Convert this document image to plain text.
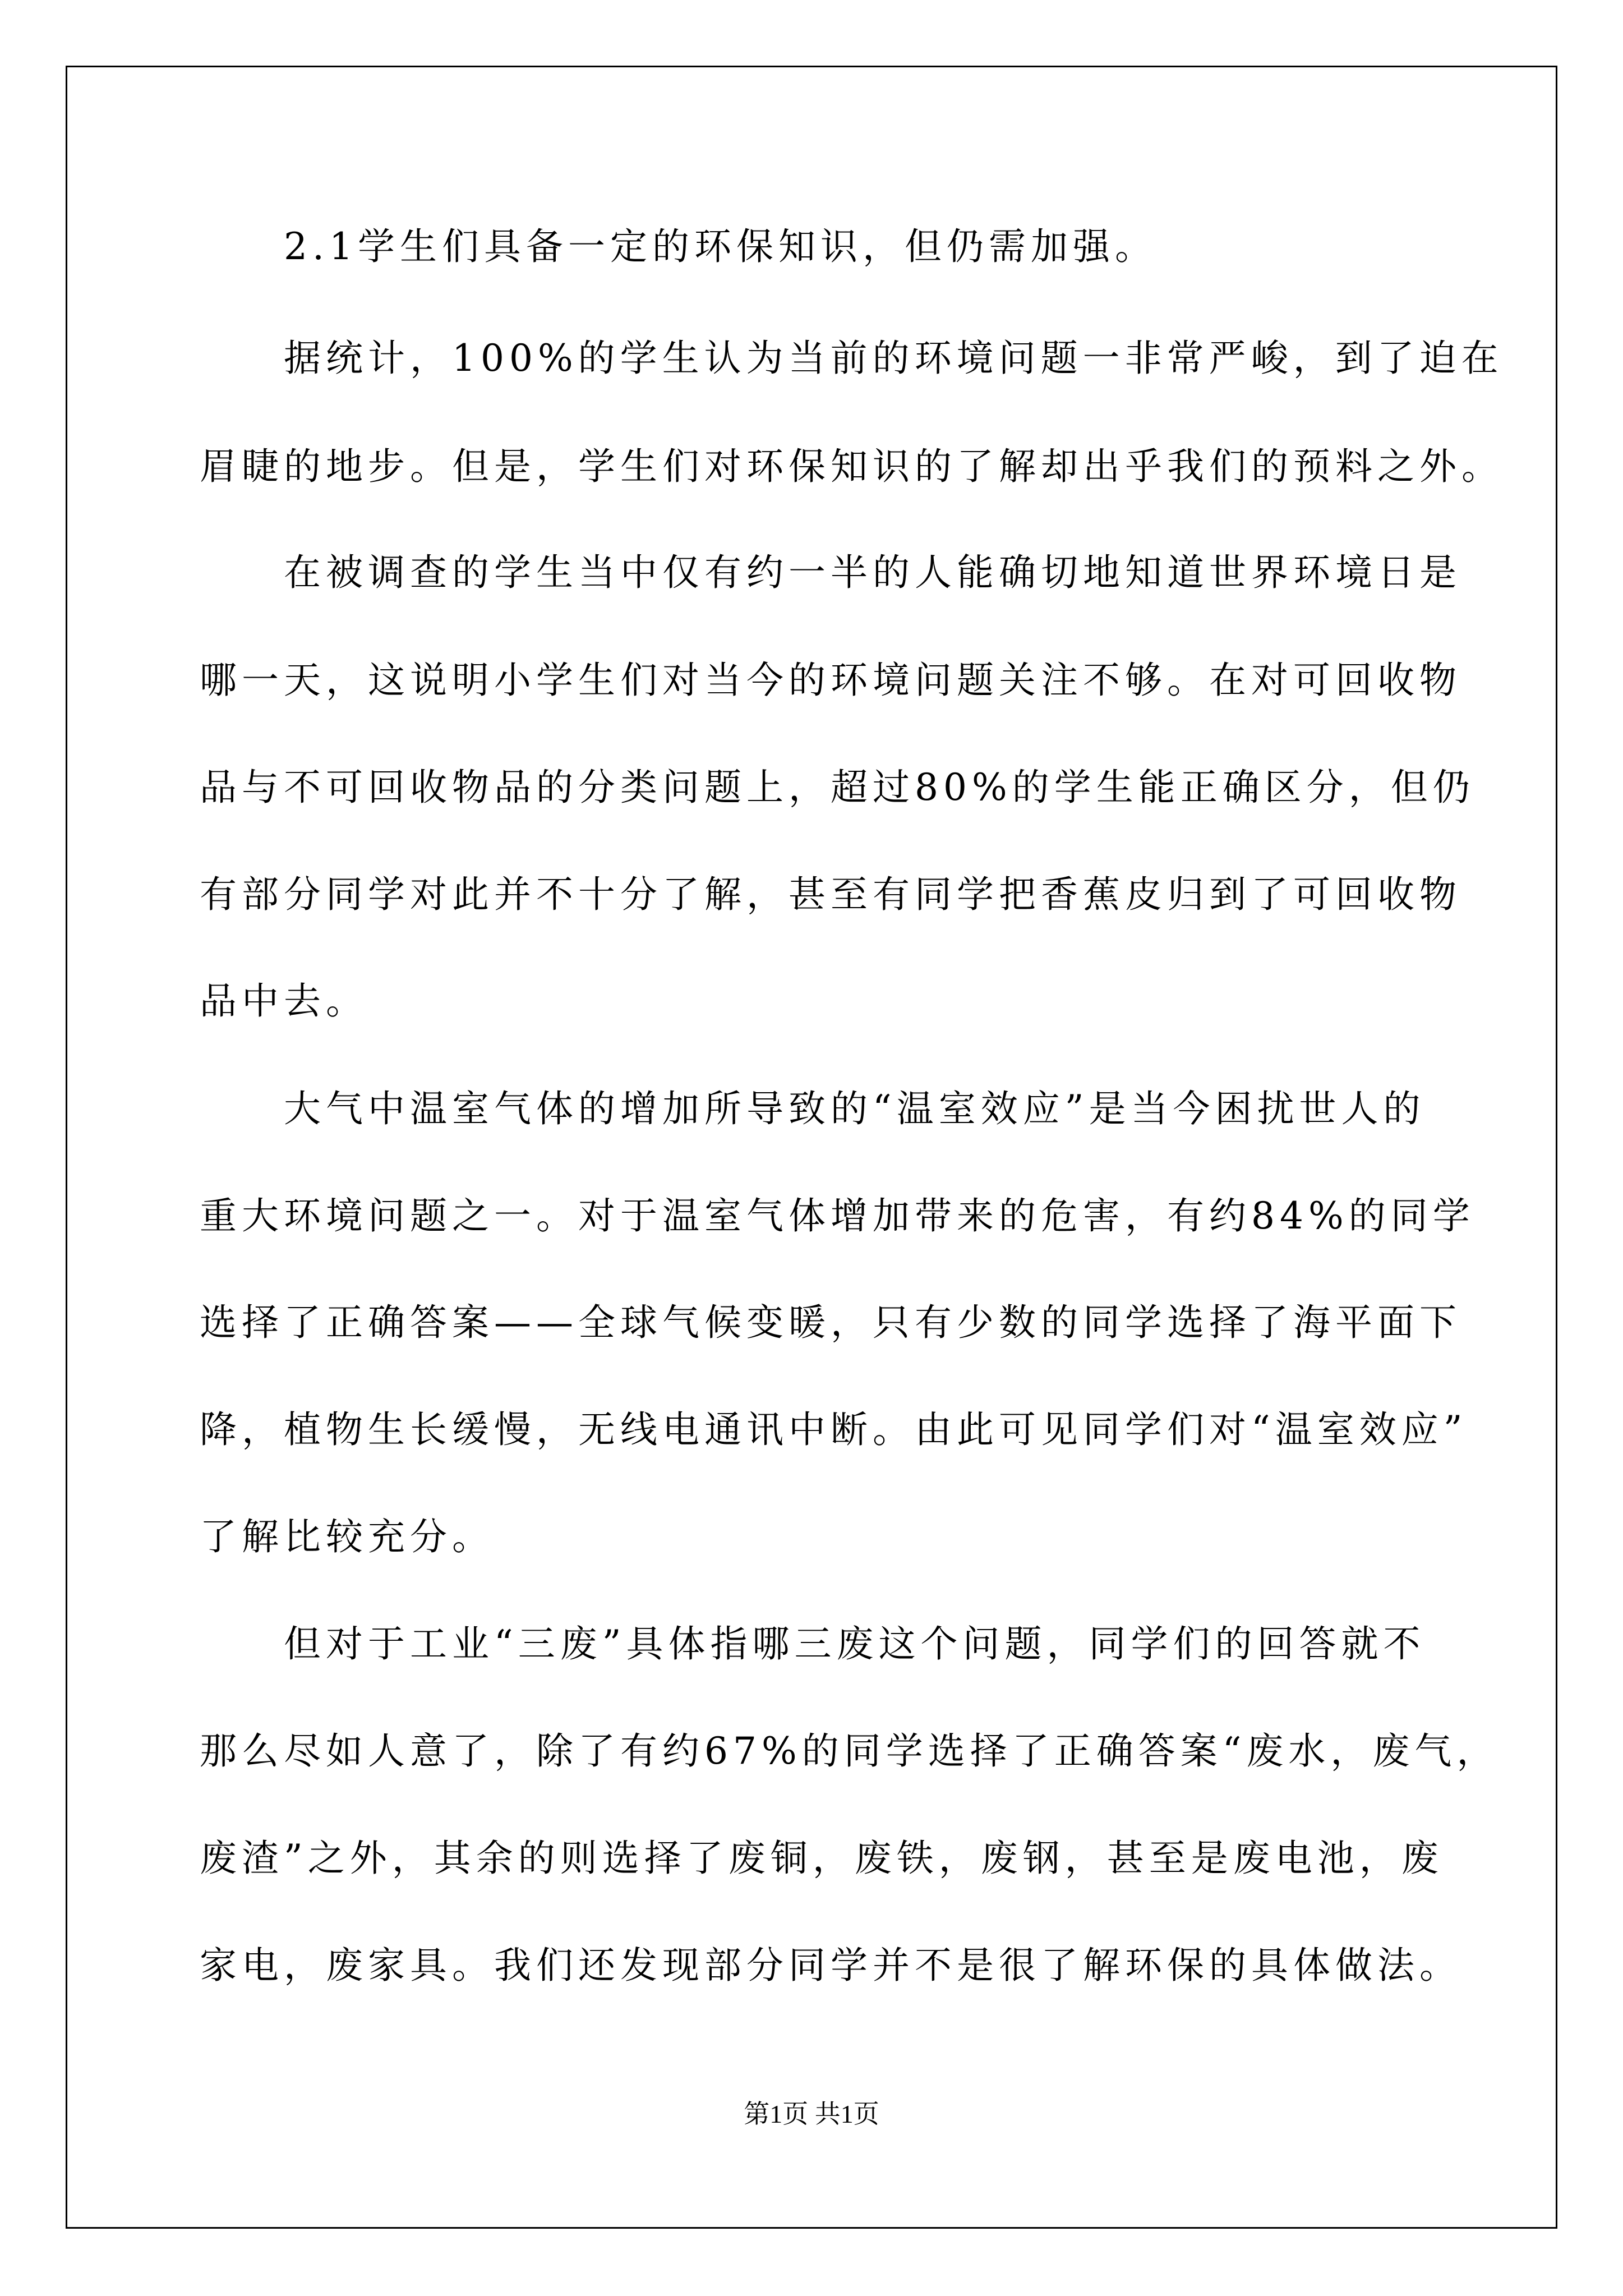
2.1学生们具备一定的环保知识，但仍需加强。
据统计，100%的学生认为当前的环境问题一非常严峻，到了迫在
眉睫的地步。但是，学生们对环保知识的了解却出乎我们的预料之外。
在被调查的学生当中仅有约一半的人能确切地知道世界环境日是
哪一天，这说明小学生们对当今的环境问题关注不够。在对可回收物
品与不可回收物品的分类问题上，超过80%的学生能正确区分，但仍
有部分同学对此并不十分了解，甚至有同学把香蕉皮归到了可回收物
品中去。
大气中温室气体的增加所导致的“温室效应”是当今困扰世人的
重大环境问题之一。对于温室气体增加带来的危害，有约84%的同学
选择了正确答案——全球气候变暖，只有少数的同学选择了海平面下
降，植物生长缓慢，无线电通讯中断。由此可见同学们对“温室效应”
了解比较充分。
但对于工业“三废”具体指哪三废这个问题，同学们的回答就不
那么尽如人意了，除了有约67%的同学选择了正确答案“废水，废气，
废渣”之外，其余的则选择了废铜，废铁，废钢，甚至是废电池，废
家电，废家具。我们还发现部分同学并不是很了解环保的具体做法。
第1页 共1页
